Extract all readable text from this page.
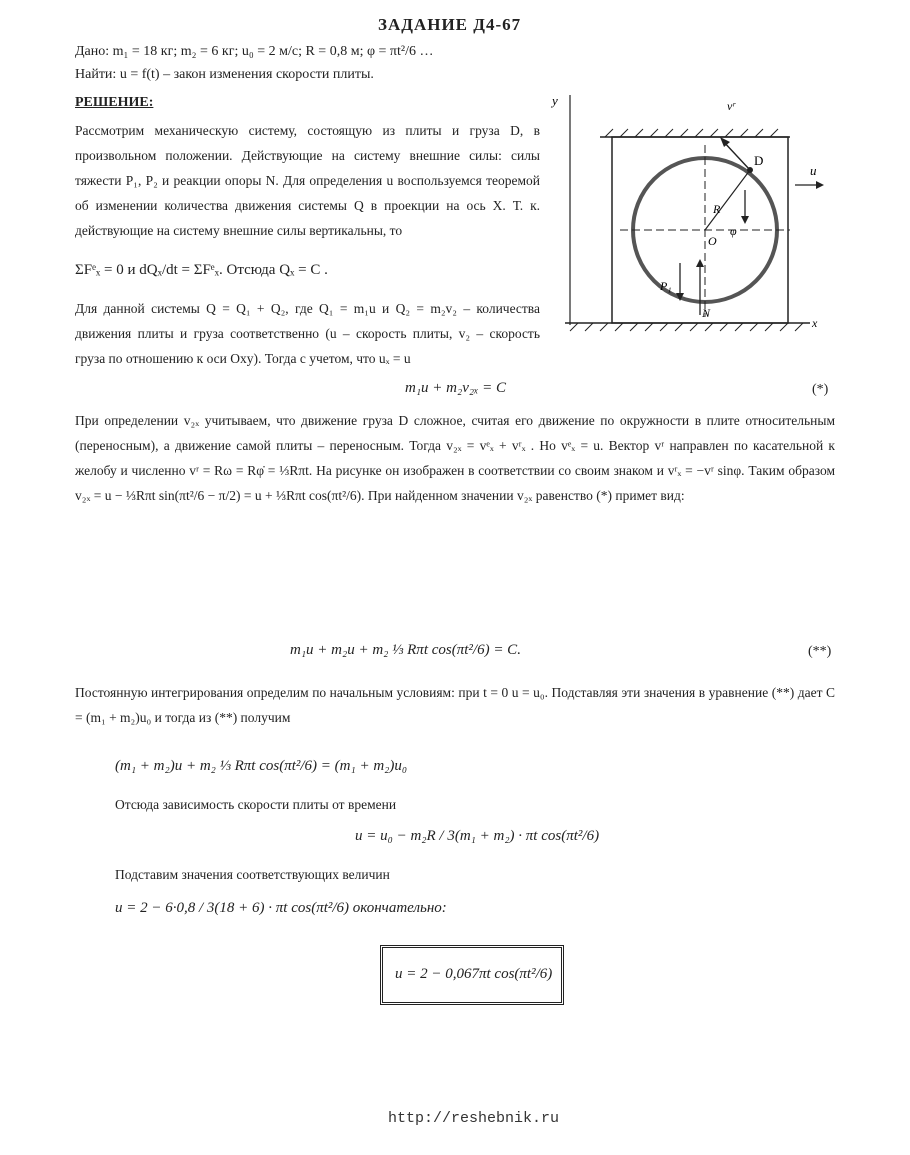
ЗАДАНИЕ Д4-67
Дано: m₁ = 18 кг; m₂ = 6 кг; u₀ = 2 м/с; R = 0,8 м; φ = πt²/6 …
Найти: u = f(t) – закон изменения скорости плиты.
РЕШЕНИЕ:
Рассмотрим механическую систему, состоящую из плиты и груза D, в произвольном положении. Действующие на систему внешние силы: силы тяжести P₁, P₂ и реакции опоры N. Для определения u воспользуемся теоремой об изменении количества движения системы Q в проекции на ось X. Т. к. действующие на систему внешние силы вертикальны, то
ΣFᵉₓ = 0 и dQₓ/dt = ΣFᵉₓ. Отсюда Qₓ = C .
Для данной системы Q = Q₁ + Q₂, где Q₁ = m₁u и Q₂ = m₂v₂ – количества движения плиты и груза соответственно (u – скорость плиты, v₂ – скорость груза по отношению к оси Oxy). Тогда с учетом, что uₓ = u
m₁u + m₂v₂ₓ = C	(*)
При определении v₂ₓ учитываем, что движение груза D сложное, считая его движение по окружности в плите относительным (переносным), а движение самой плиты – переносным. Тогда v₂ₓ = vᵉₓ + vʳₓ . Но vᵉₓ = u. Вектор vʳ направлен по касательной к желобу и численно vʳ = Rω = Rφ̇ = ⅓Rπt. На рисунке он изображен в соответствии со своим знаком и vʳₓ = −vʳ sinφ. Таким образом v₂ₓ = u − ⅓Rπt sin(πt²/6 − π/2) = u + ⅓Rπt cos(πt²/6). При найденном значении v₂ₓ равенство (*) примет вид:
m₁u + m₂u + m₂ ⅓ Rπt cos(πt²/6) = C.	(**)
Постоянную интегрирования определим по начальным условиям: при t = 0 u = u₀. Подставляя эти значения в уравнение (**) дает C = (m₁ + m₂)u₀ и тогда из (**) получим
(m₁ + m₂)u + m₂ ⅓ Rπt cos(πt²/6) = (m₁ + m₂)u₀
Отсюда зависимость скорости плиты от времени
u = u₀ − m₂R / 3(m₁ + m₂) · πt cos(πt²/6)
Подставим значения соответствующих величин
u = 2 − 6·0,8 / 3(18 + 6) · πt cos(πt²/6) окончательно:
u = 2 − 0,067πt cos(πt²/6)
http://reshebnik.ru
y
R
D
O
φ
vʳ
u
P₁
N
x
